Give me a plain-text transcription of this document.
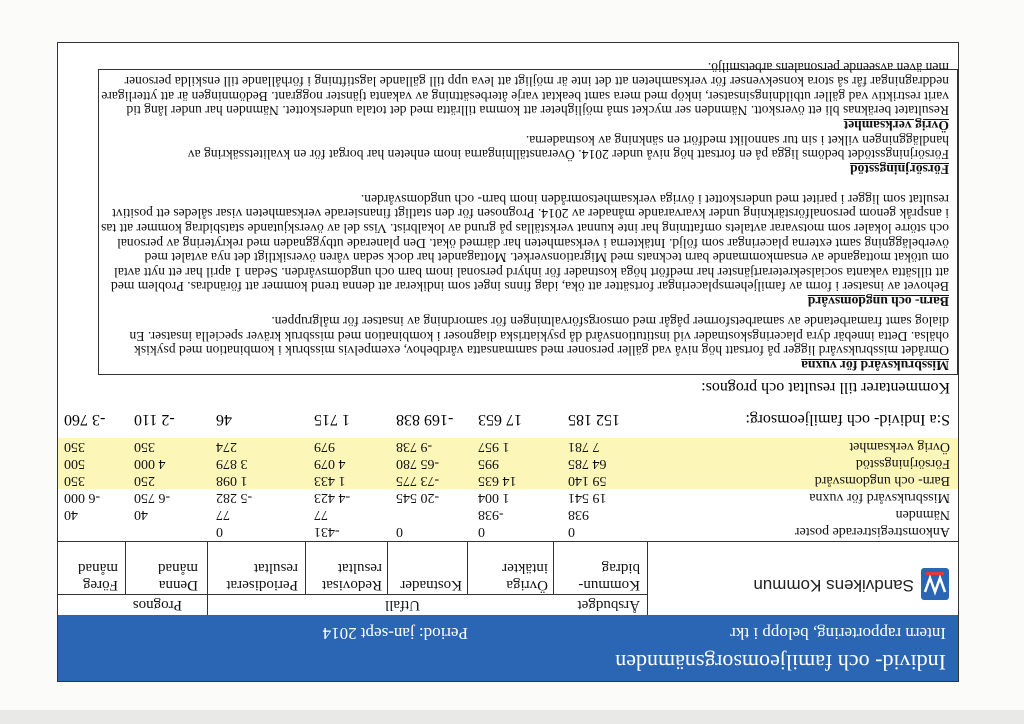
Individ- och familjeomsorgsnämnden
Intern rapportering, belopp i tkr
Period: jan-sept 2014
Sandvikens Kommun
Årsbudget
Utfall
Prognos
Kommun-
bidrag
Övriga
intäkter
Kostnader
Redovisat
resultat
Periodiserat
resultat
Denna
månad
Föreg
månad
Ankomstregistrerade poster
0
0
0
-431
0
Nämnden
938
-938
77
77
40
40
Missbruksvård för vuxna
19 541
1 004
-20 545
-4 423
-5 282
-6 750
-6 000
Barn- och ungdomsvård
59 140
14 635
-73 775
1 433
1 098
250
350
Försörjningsstöd
64 785
995
-65 780
4 079
3 879
4 000
500
Övrig verksamhet
7 781
1 957
-9 738
979
274
350
350
S:a Individ- och familjeomsorg:
152 185
17 653
-169 838
1 715
46
-2 110
-3 760
Kommentarer till resultat och prognos:
Missbruksvård för vuxna
Området missbruksvård ligger på fortsatt hög nivå vad gäller personer med sammansatta vårdbehov, exempelvis missbruk i kombination med psykisk ohälsa. Detta innebär dyra placeringskostnader vid institutionsvård då psykiatriska diagnoser i kombination med missbruk kräver speciella insatser. En dialog samt framarbetande av samarbetsformer pågår med omsorgsförvaltningen för samordning av insatser för målgruppen.
Barn- och ungdomsvård
Behovet av insatser i form av familjehemsplaceringar fortsätter att öka, idag finns inget som indikerar att denna trend kommer att förändras. Problem med att tillsätta vakanta socialsekreterartjänster har medfört höga kostnader för inhyrd personal inom barn och ungdomsvården. Sedan 1 april har ett nytt avtal om utökat mottagande av ensamkommande barn tecknats med Migrationsverket. Mottagandet har dock sedan våren översiktligt det nya avtalet med överbeläggning samt externa placeringar som följd. Intäkterna i verksamheten har därmed ökat. Den planerade utbyggnaden med rekrytering av personal och större lokaler som motsvarar avtalets omfattning har inte kunnat verkställas på grund av lokalbrist. Viss del av överskjutande statsbidrag kommer att tas i anspråk genom personalförstärkning under kvarvarande månader av 2014. Prognosen för den statligt finansierade verksamheten visar således ett positivt resultat som ligger i paritet med underskottet i övriga verksamhetsområden inom barn- och ungdomsvården.
Försörjningsstöd
Försörjningsstödet bedöms ligga på en fortsatt hög nivå under 2014. Överanställningarna inom enheten har borgat för en kvalitetssäkring av handläggningen vilket i sin tur sannolikt medfört en sänkning av kostnaderna.
Övrig verksamhet
Resultatet beräknas bli ett överskott. Nämnden ser mycket små möjligheter att komma tillrätta med det totala underskottet. Nämnden har under lång tid varit restriktiv vad gäller utbildningsinsatser, inköp med mera samt beaktat varje återbesättning av vakanta tjänster noggrant. Bedömningen är att ytterligare neddragningar får så stora konsekvenser för verksamheten att det inte är möjligt att leva upp till gällande lagstiftning i förhållande till enskilda personer men även avseende personalens arbetsmiljö.
